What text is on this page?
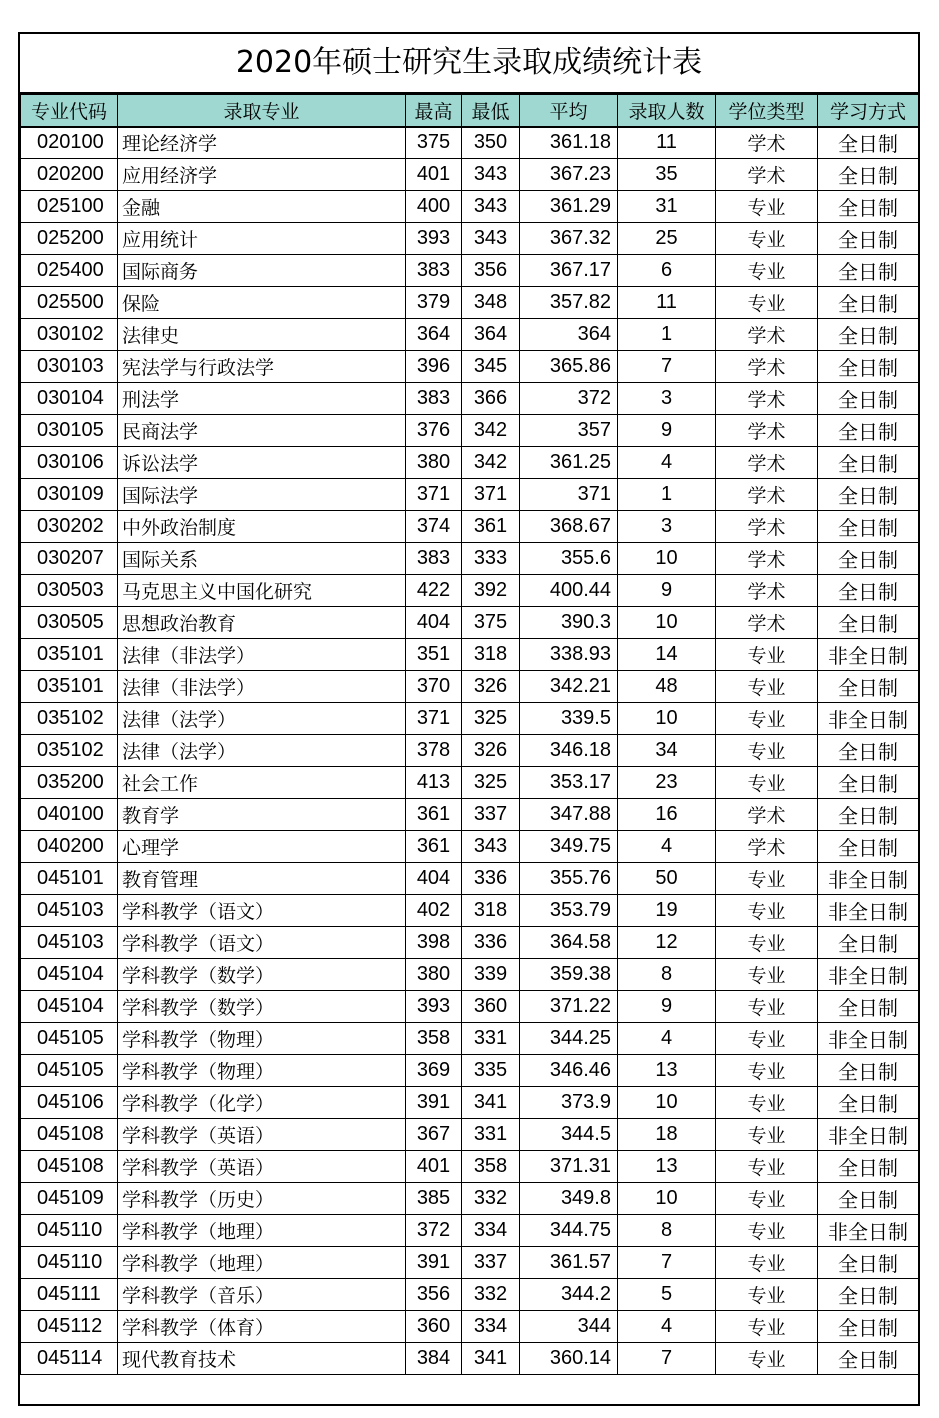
2020年硕士研究生录取成绩统计表
专业代码	录取专业	最高	最低	平均	录取人数	学位类型	学习方式
020100	理论经济学	375	350	361.18	11	学术	全日制
020200	应用经济学	401	343	367.23	35	学术	全日制
025100	金融	400	343	361.29	31	专业	全日制
025200	应用统计	393	343	367.32	25	专业	全日制
025400	国际商务	383	356	367.17	6	专业	全日制
025500	保险	379	348	357.82	11	专业	全日制
030102	法律史	364	364	364	1	学术	全日制
030103	宪法学与行政法学	396	345	365.86	7	学术	全日制
030104	刑法学	383	366	372	3	学术	全日制
030105	民商法学	376	342	357	9	学术	全日制
030106	诉讼法学	380	342	361.25	4	学术	全日制
030109	国际法学	371	371	371	1	学术	全日制
030202	中外政治制度	374	361	368.67	3	学术	全日制
030207	国际关系	383	333	355.6	10	学术	全日制
030503	马克思主义中国化研究	422	392	400.44	9	学术	全日制
030505	思想政治教育	404	375	390.3	10	学术	全日制
035101	法律（非法学）	351	318	338.93	14	专业	非全日制
035101	法律（非法学）	370	326	342.21	48	专业	全日制
035102	法律（法学）	371	325	339.5	10	专业	非全日制
035102	法律（法学）	378	326	346.18	34	专业	全日制
035200	社会工作	413	325	353.17	23	专业	全日制
040100	教育学	361	337	347.88	16	学术	全日制
040200	心理学	361	343	349.75	4	学术	全日制
045101	教育管理	404	336	355.76	50	专业	非全日制
045103	学科教学（语文）	402	318	353.79	19	专业	非全日制
045103	学科教学（语文）	398	336	364.58	12	专业	全日制
045104	学科教学（数学）	380	339	359.38	8	专业	非全日制
045104	学科教学（数学）	393	360	371.22	9	专业	全日制
045105	学科教学（物理）	358	331	344.25	4	专业	非全日制
045105	学科教学（物理）	369	335	346.46	13	专业	全日制
045106	学科教学（化学）	391	341	373.9	10	专业	全日制
045108	学科教学（英语）	367	331	344.5	18	专业	非全日制
045108	学科教学（英语）	401	358	371.31	13	专业	全日制
045109	学科教学（历史）	385	332	349.8	10	专业	全日制
045110	学科教学（地理）	372	334	344.75	8	专业	非全日制
045110	学科教学（地理）	391	337	361.57	7	专业	全日制
045111	学科教学（音乐）	356	332	344.2	5	专业	全日制
045112	学科教学（体育）	360	334	344	4	专业	全日制
045114	现代教育技术	384	341	360.14	7	专业	全日制
